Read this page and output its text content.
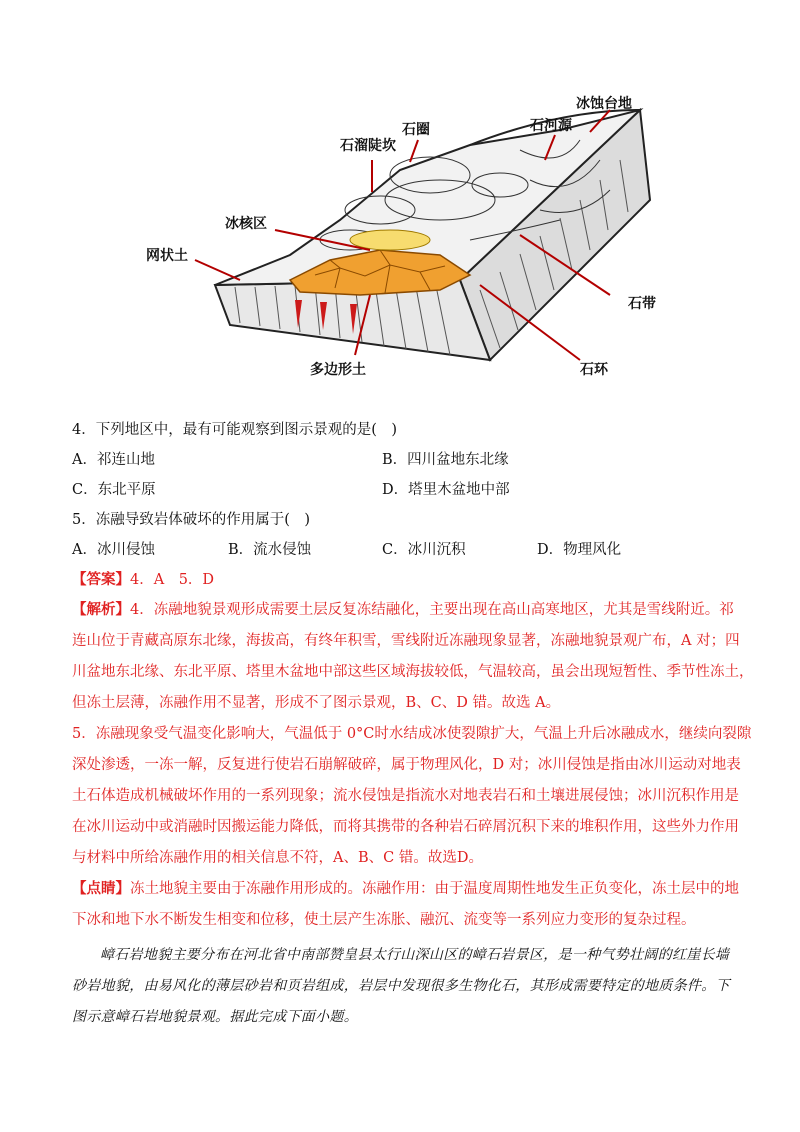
石溜陡坎
石圈	石河源
冰蚀台地
冰核区
网状土
石带
多边形土	石环
4．下列地区中，最有可能观察到图示景观的是(　)
A．祁连山地	B．四川盆地东北缘
C．东北平原	D．塔里木盆地中部
5．冻融导致岩体破坏的作用属于(　)
A．冰川侵蚀	B．流水侵蚀	C．冰川沉积	D．物理风化
【答案】4．A　5．D
【解析】4．冻融地貌景观形成需要土层反复冻结融化，主要出现在高山高寒地区，尤其是雪线附近。祁
连山位于青藏高原东北缘，海拔高，有终年积雪，雪线附近冻融现象显著，冻融地貌景观广布，A 对；四
川盆地东北缘、东北平原、塔里木盆地中部这些区域海拔较低，气温较高，虽会出现短暂性、季节性冻土，
但冻土层薄，冻融作用不显著，形成不了图示景观，B、C、D 错。故选 A。
5．冻融现象受气温变化影响大，气温低于 0°C时水结成冰使裂隙扩大，气温上升后冰融成水，继续向裂隙
深处渗透，一冻一解，反复进行使岩石崩解破碎，属于物理风化，D 对；冰川侵蚀是指由冰川运动对地表
土石体造成机械破坏作用的一系列现象；流水侵蚀是指流水对地表岩石和土壤进展侵蚀；冰川沉积作用是
在冰川运动中或消融时因搬运能力降低，而将其携带的各种岩石碎屑沉积下来的堆积作用，这些外力作用
与材料中所给冻融作用的相关信息不符，A、B、C 错。故选D。
【点睛】冻土地貌主要由于冻融作用形成的。冻融作用：由于温度周期性地发生正负变化，冻土层中的地
下冰和地下水不断发生相变和位移，使土层产生冻胀、融沉、流变等一系列应力变形的复杂过程。
嶂石岩地貌主要分布在河北省中南部赞皇县太行山深山区的嶂石岩景区，是一种气势壮阔的红崖长墙
砂岩地貌，由易风化的薄层砂岩和页岩组成，岩层中发现很多生物化石，其形成需要特定的地质条件。下
图示意嶂石岩地貌景观。据此完成下面小题。
